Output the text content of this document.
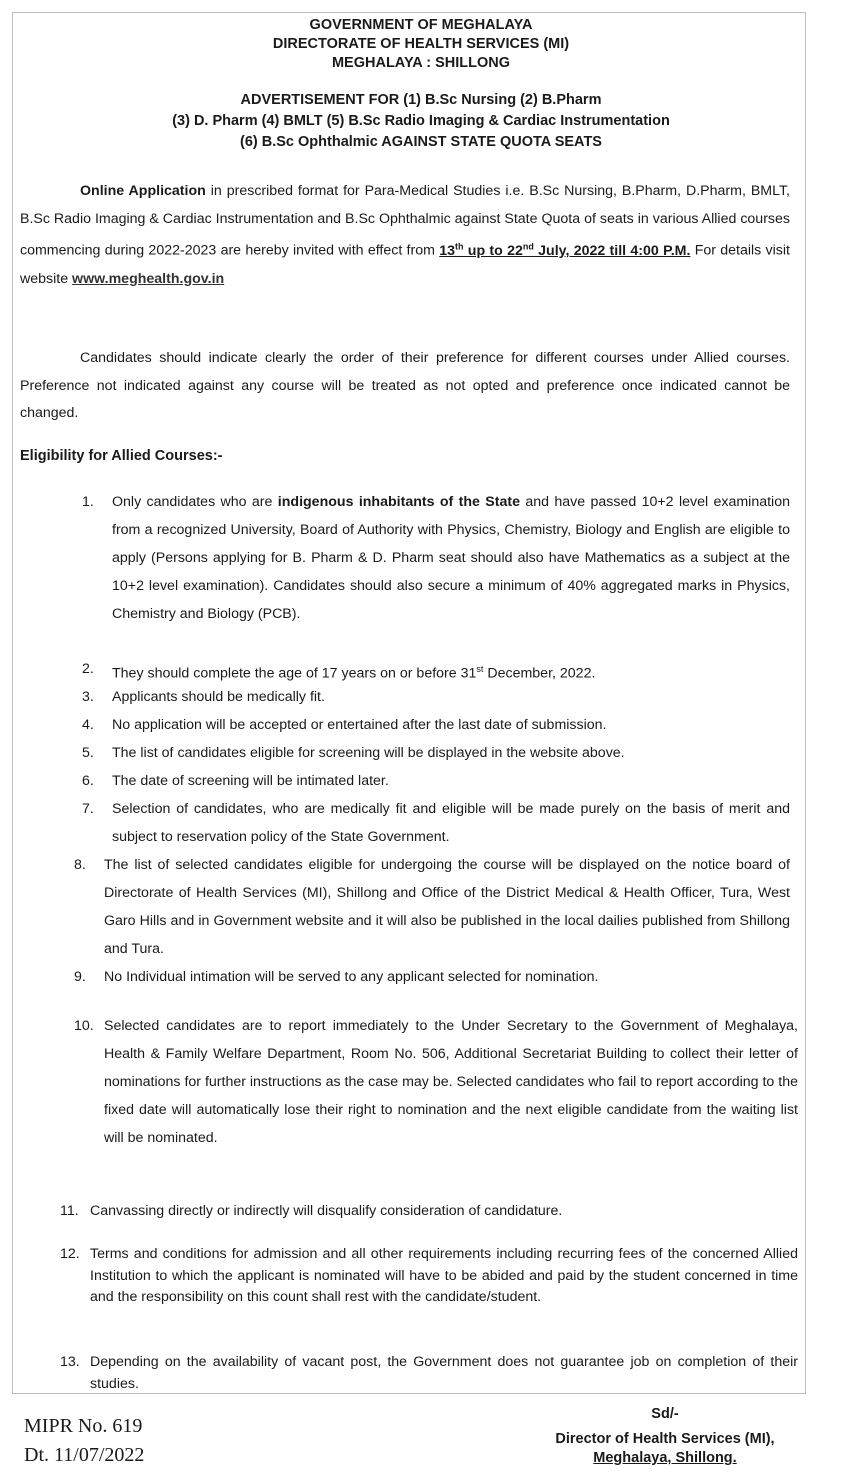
GOVERNMENT OF MEGHALAYA
DIRECTORATE OF HEALTH SERVICES (MI)
MEGHALAYA : SHILLONG
ADVERTISEMENT FOR (1) B.Sc Nursing (2) B.Pharm
(3) D. Pharm (4) BMLT (5) B.Sc Radio Imaging & Cardiac Instrumentation
(6) B.Sc Ophthalmic AGAINST STATE QUOTA SEATS
Online Application in prescribed format for Para-Medical Studies i.e. B.Sc Nursing, B.Pharm, D.Pharm, BMLT, B.Sc Radio Imaging & Cardiac Instrumentation and B.Sc Ophthalmic against State Quota of seats in various Allied courses commencing during 2022-2023 are hereby invited with effect from 13th up to 22nd July, 2022 till 4:00 P.M. For details visit website www.meghealth.gov.in
Candidates should indicate clearly the order of their preference for different courses under Allied courses. Preference not indicated against any course will be treated as not opted and preference once indicated cannot be changed.
Eligibility for Allied Courses:-
1. Only candidates who are indigenous inhabitants of the State and have passed 10+2 level examination from a recognized University, Board of Authority with Physics, Chemistry, Biology and English are eligible to apply (Persons applying for B. Pharm & D. Pharm seat should also have Mathematics as a subject at the 10+2 level examination). Candidates should also secure a minimum of 40% aggregated marks in Physics, Chemistry and Biology (PCB).
2. They should complete the age of 17 years on or before 31st December, 2022.
3. Applicants should be medically fit.
4. No application will be accepted or entertained after the last date of submission.
5. The list of candidates eligible for screening will be displayed in the website above.
6. The date of screening will be intimated later.
7. Selection of candidates, who are medically fit and eligible will be made purely on the basis of merit and subject to reservation policy of the State Government.
8. The list of selected candidates eligible for undergoing the course will be displayed on the notice board of Directorate of Health Services (MI), Shillong and Office of the District Medical & Health Officer, Tura, West Garo Hills and in Government website and it will also be published in the local dailies published from Shillong and Tura.
9. No Individual intimation will be served to any applicant selected for nomination.
10. Selected candidates are to report immediately to the Under Secretary to the Government of Meghalaya, Health & Family Welfare Department, Room No. 506, Additional Secretariat Building to collect their letter of nominations for further instructions as the case may be. Selected candidates who fail to report according to the fixed date will automatically lose their right to nomination and the next eligible candidate from the waiting list will be nominated.
11. Canvassing directly or indirectly will disqualify consideration of candidature.
12. Terms and conditions for admission and all other requirements including recurring fees of the concerned Allied Institution to which the applicant is nominated will have to be abided and paid by the student concerned in time and the responsibility on this count shall rest with the candidate/student.
13. Depending on the availability of vacant post, the Government does not guarantee job on completion of their studies.
MIPR No. 619
Dt. 11/07/2022
Sd/-
Director of Health Services (MI),
Meghalaya, Shillong.
